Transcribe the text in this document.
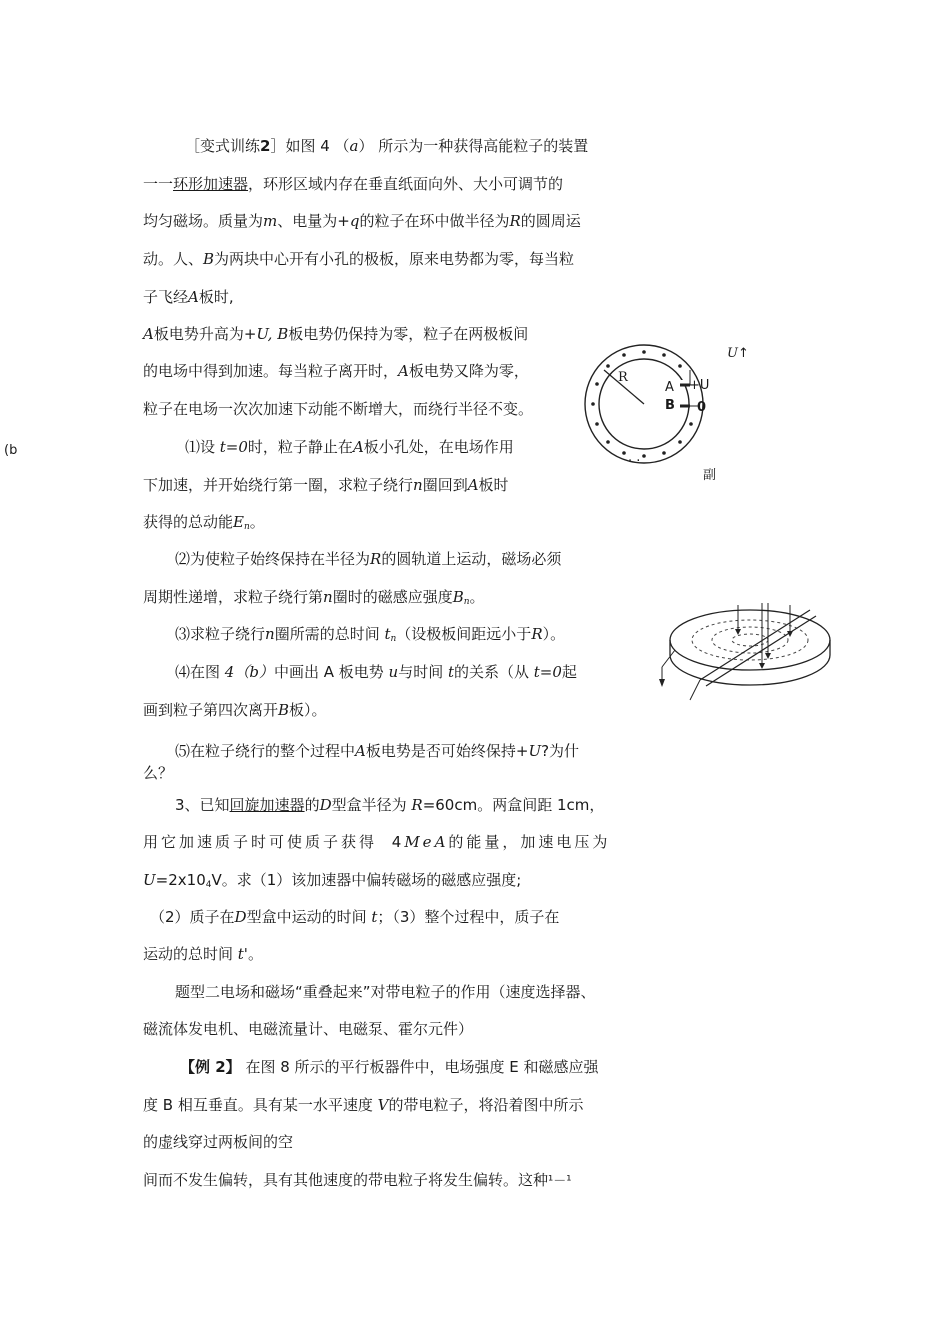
［变式训练2］如图 4 （a） 所示为一种获得高能粒子的装置
一一环形加速器，环形区域内存在垂直纸面向外、大小可调节的
均匀磁场。质量为m、电量为+q的粒子在环中做半径为R的圆周运
动。人、B为两块中心开有小孔的极板，原来电势都为零，每当粒
子飞经A板时,
A板电势升高为+U, B板电势仍保持为零，粒子在两极板间
的电场中得到加速。每当粒子离开时，A板电势又降为零，
粒子在电场一次次加速下动能不断增大，而绕行半径不变。
(b	⑴设 t=0时，粒子静止在A板小孔处，在电场作用
下加速，并开始绕行第一圈，求粒子绕行n圈回到A板时
获得的总动能$E_n$。
⑵为使粒子始终保持在半径为R的圆轨道上运动，磁场必须
周期性递增，求粒子绕行第n圈时的磁感应强度$B_n$。
⑶求粒子绕行n圈所需的总时间 $t_n$（设极板间距远小于R）。
⑷在图 4（b）中画出 A 板电势 u与时间 t的关系（从 t=0起
画到粒子第四次离开B板）。
⑸在粒子绕行的整个过程中A板电势是否可始终保持+U?为什
么？
3、已知回旋加速器的D型盒半径为 R=60cm。两盒间距 1cm，
用它加速质子时可使质子获得 4MeA的能量，加速电压为
$U=2x10_4V$。求（1）该加速器中偏转磁场的磁感应强度;
（2）质子在D型盒中运动的时间 t；（3）整个过程中，质子在
运动的总时间 t'。
题型二电场和磁场“重叠起来”对带电粒子的作用（速度选择器、
磁流体发电机、电磁流量计、电磁泵、霍尔元件）
【例 2】 在图 8 所示的平行板器件中，电场强度 E 和磁感应强
度 B 相互垂直。具有某一水平速度 V的带电粒子，将沿着图中所示
的虚线穿过两板间的空
间而不发生偏转，具有其他速度的带电粒子将发生偏转。这种¹－¹
R
A
B
+U
0
· ·
U↑
副
